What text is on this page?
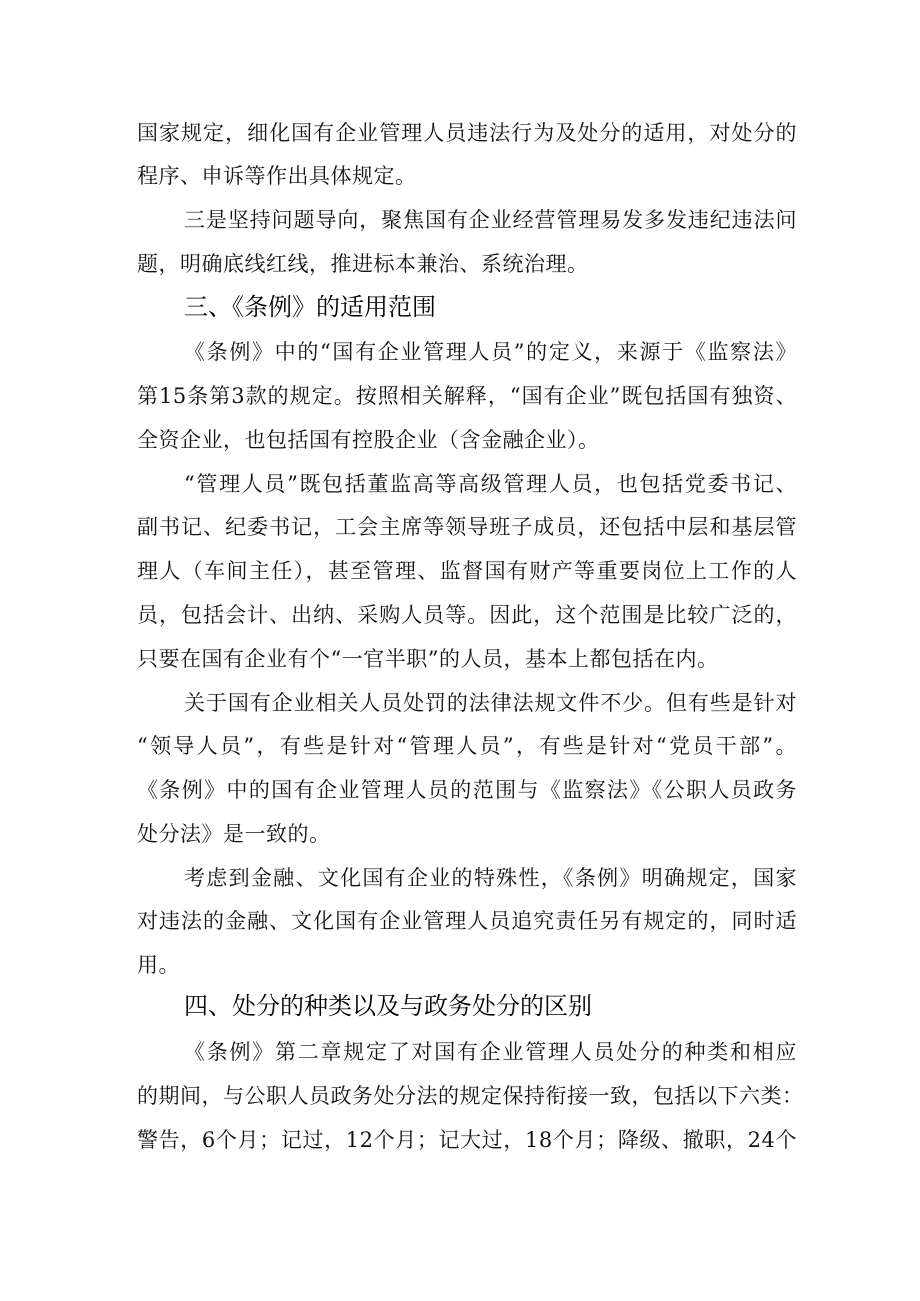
国家规定，细化国有企业管理人员违法行为及处分的适用，对处分的
程序、申诉等作出具体规定。
三是坚持问题导向，聚焦国有企业经营管理易发多发违纪违法问
题，明确底线红线，推进标本兼治、系统治理。
三、《条例》的适用范围
《条例》中的“国有企业管理人员”的定义，来源于《监察法》
第15条第3款的规定。按照相关解释，“国有企业”既包括国有独资、
全资企业，也包括国有控股企业（含金融企业）。
“管理人员”既包括董监高等高级管理人员，也包括党委书记、
副书记、纪委书记，工会主席等领导班子成员，还包括中层和基层管
理人（车间主任），甚至管理、监督国有财产等重要岗位上工作的人
员，包括会计、出纳、采购人员等。因此，这个范围是比较广泛的，
只要在国有企业有个“一官半职”的人员，基本上都包括在内。
关于国有企业相关人员处罚的法律法规文件不少。但有些是针对
“领导人员”，有些是针对“管理人员”，有些是针对“党员干部”。
《条例》中的国有企业管理人员的范围与《监察法》《公职人员政务
处分法》是一致的。
考虑到金融、文化国有企业的特殊性，《条例》明确规定，国家
对违法的金融、文化国有企业管理人员追究责任另有规定的，同时适
用。
四、处分的种类以及与政务处分的区别
《条例》第二章规定了对国有企业管理人员处分的种类和相应
的期间，与公职人员政务处分法的规定保持衔接一致，包括以下六类：
警告，6个月；记过，12个月；记大过，18个月；降级、撤职，24个
